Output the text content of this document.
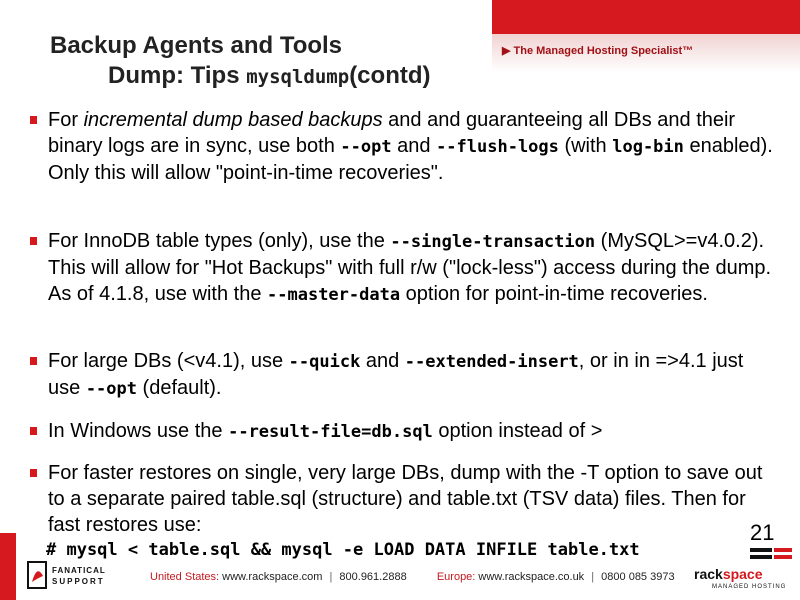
▶ The Managed Hosting Specialist™
Backup Agents and Tools
Dump: Tips mysqldump(contd)
For incremental dump based backups and and guaranteeing all DBs and their binary logs are in sync, use both --opt and --flush-logs (with log-bin enabled). Only this will allow "point-in-time recoveries".
For InnoDB table types (only), use the --single-transaction (MySQL>=v4.0.2). This will allow for "Hot Backups" with full r/w ("lock-less") access during the dump. As of 4.1.8, use with the --master-data option for point-in-time recoveries.
For large DBs (<v4.1), use --quick and --extended-insert, or in in =>4.1 just use --opt (default).
In Windows use the --result-file=db.sql option instead of >
For faster restores on single, very large DBs, dump with the -T option to save out to a separate paired table.sql (structure) and table.txt (TSV data) files. Then for fast restores use:
# mysql < table.sql && mysql -e LOAD DATA INFILE table.txt
21
FANATICAL
SUPPORT	United States: www.rackspace.com | 800.961.2888	Europe: www.rackspace.co.uk | 0800 085 3973 rackspace
MANAGED HOSTING
